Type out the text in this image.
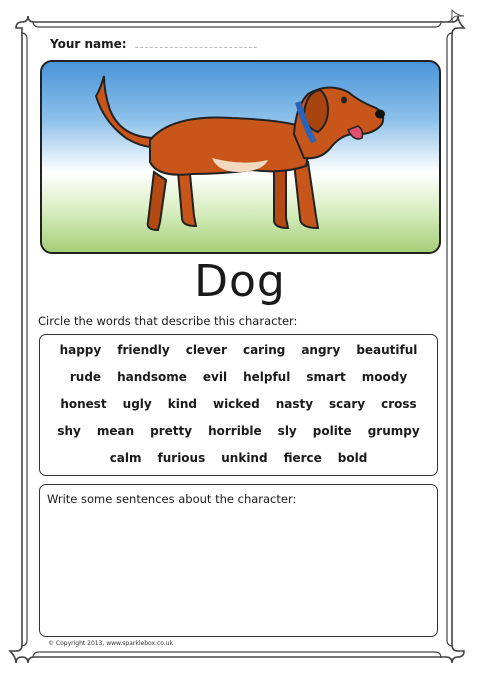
Your name:
Dog
Circle the words that describe this character:
happy	friendly	clever	caring	angry	beautiful
rude	handsome	evil	helpful	smart	moody
honest	ugly	kind	wicked	nasty	scary	cross
shy	mean	pretty	horrible	sly	polite	grumpy
calm	furious	unkind	fierce	bold
Write some sentences about the character:
© Copyright 2013, www.sparklebox.co.uk
